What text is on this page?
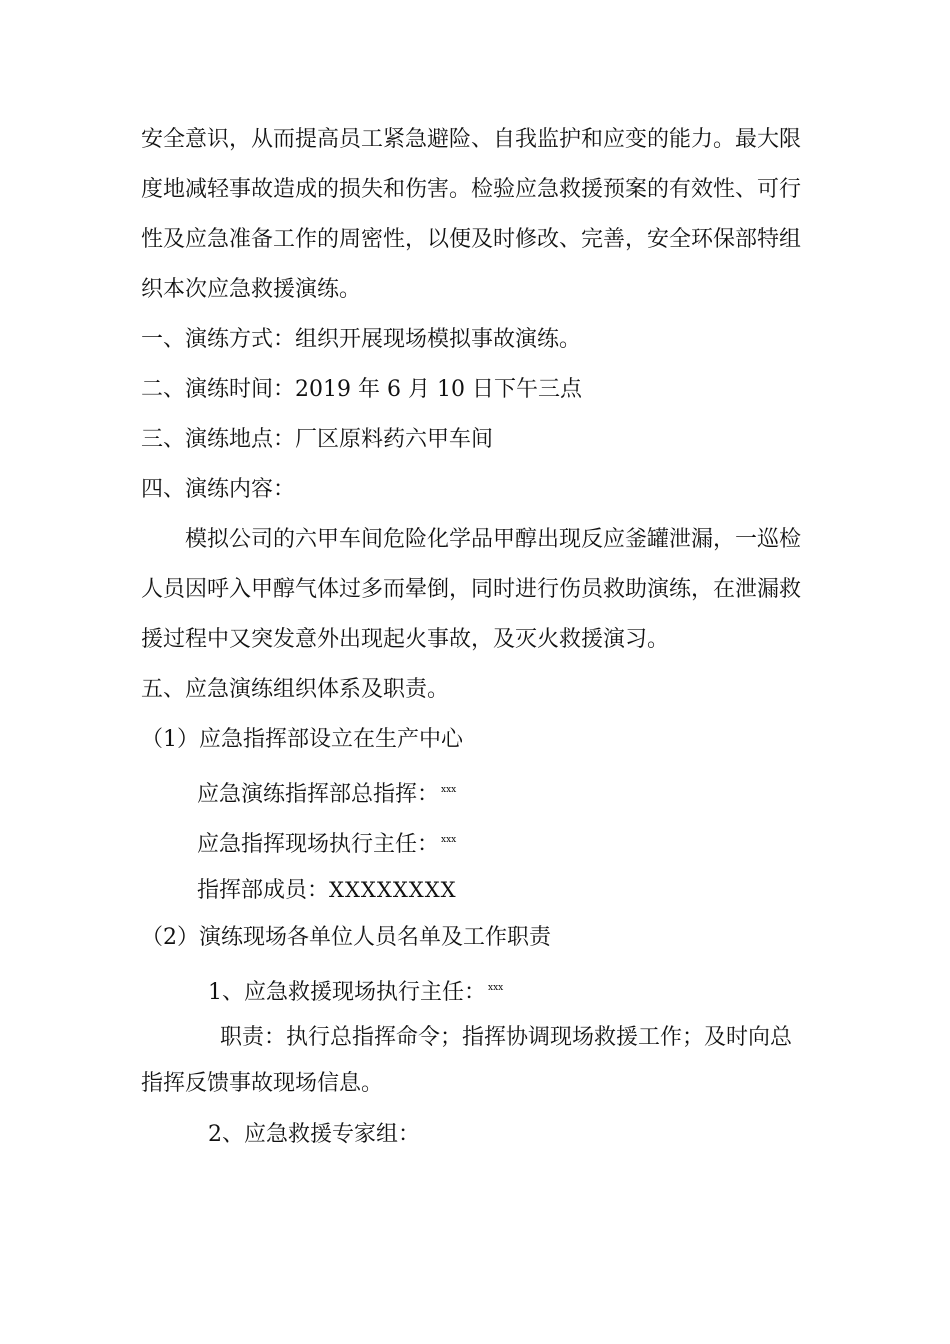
安全意识，从而提高员工紧急避险、自我监护和应变的能力。最大限
度地减轻事故造成的损失和伤害。检验应急救援预案的有效性、可行
性及应急准备工作的周密性，以便及时修改、完善，安全环保部特组
织本次应急救援演练。
一、演练方式：组织开展现场模拟事故演练。
二、演练时间：2019 年 6 月 10 日下午三点
三、演练地点：厂区原料药六甲车间
四、演练内容：
模拟公司的六甲车间危险化学品甲醇出现反应釜罐泄漏，一巡检
人员因呼入甲醇气体过多而晕倒，同时进行伤员救助演练，在泄漏救
援过程中又突发意外出现起火事故，及灭火救援演习。
五、应急演练组织体系及职责。
（1）应急指挥部设立在生产中心
应急演练指挥部总指挥： $^{xxx}$
应急指挥现场执行主任： $^{xxx}$
指挥部成员：XXXXXXXX
（2）演练现场各单位人员名单及工作职责
1、应急救援现场执行主任： $^{xxx}$
职责：执行总指挥命令；指挥协调现场救援工作；及时向总
指挥反馈事故现场信息。
2、应急救援专家组：
